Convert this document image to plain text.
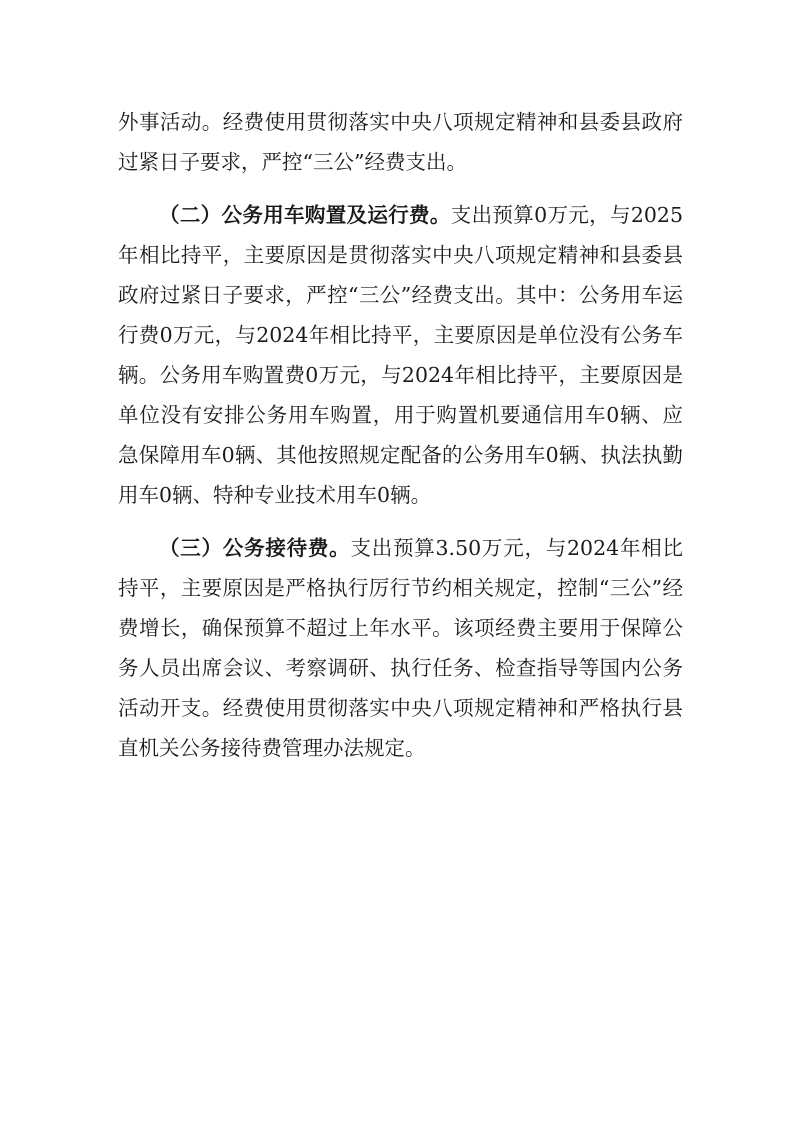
外事活动。经费使用贯彻落实中央八项规定精神和县委县政府过紧日子要求，严控“三公”经费支出。

（二）公务用车购置及运行费。支出预算0万元，与2025年相比持平，主要原因是贯彻落实中央八项规定精神和县委县政府过紧日子要求，严控“三公”经费支出。其中：公务用车运行费0万元，与2024年相比持平，主要原因是单位没有公务车辆。公务用车购置费0万元，与2024年相比持平，主要原因是单位没有安排公务用车购置，用于购置机要通信用车0辆、应急保障用车0辆、其他按照规定配备的公务用车0辆、执法执勤用车0辆、特种专业技术用车0辆。

（三）公务接待费。支出预算3.50万元，与2024年相比持平，主要原因是严格执行厉行节约相关规定，控制“三公”经费增长，确保预算不超过上年水平。该项经费主要用于保障公务人员出席会议、考察调研、执行任务、检查指导等国内公务活动开支。经费使用贯彻落实中央八项规定精神和严格执行县直机关公务接待费管理办法规定。
